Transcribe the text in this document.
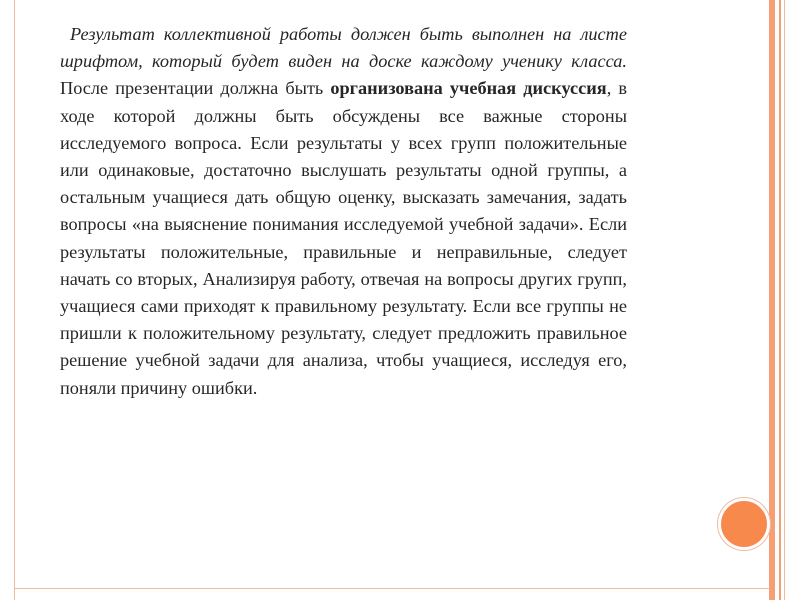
Результат коллективной работы должен быть выполнен на листе шрифтом, который будет виден на доске каждому ученику класса. После презентации должна быть организована учебная дискуссия, в ходе которой должны быть обсуждены все важные стороны исследуемого вопроса. Если результаты у всех групп положительные или одинаковые, достаточно выслушать результаты одной группы, а остальным учащиеся дать общую оценку, высказать замечания, задать вопросы «на выяснение понимания исследуемой учебной задачи». Если результаты положительные, правильные и неправильные, следует начать со вторых, Анализируя работу, отвечая на вопросы других групп, учащиеся сами приходят к правильному результату. Если все группы не пришли к положительному результату, следует предложить правильное решение учебной задачи для анализа, чтобы учащиеся, исследуя его, поняли причину ошибки.
